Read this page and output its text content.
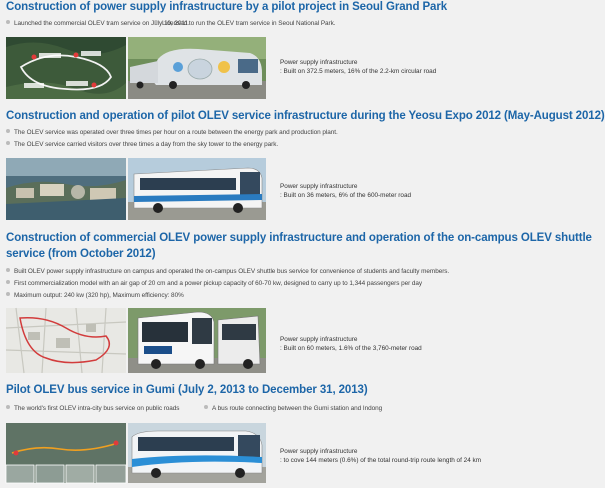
Construction of power supply infrastructure by a pilot project in Seoul Grand Park
Launched the commercial OLEV tram service on July 19, 2011.
Licensed to run the OLEV tram service in Seoul National Park.
Power supply infrastructure
: Built on 372.5 meters, 16% of the 2.2-km circular road
Construction and operation of pilot OLEV service infrastructure during the Yeosu Expo 2012 (May-August 2012)
The OLEV service was operated over three times per hour on a route between the energy park and production plant.
The OLEV service carried visitors over three times a day from the sky tower to the energy park.
Power supply infrastructure
: Built on 36 meters, 6% of the 600-meter road
Construction of commercial OLEV power supply infrastructure and operation of the on-campus OLEV shuttle
service (from October 2012)
Built OLEV power supply infrastructure on campus and operated the on-campus OLEV shuttle bus service for convenience of students and faculty members.
First commercialization model with an air gap of 20 cm and a power pickup capacity of 60-70 kw, designed to carry up to 1,344 passengers per day
Maximum output: 240 kw (320 hp), Maximum efficiency: 80%
Power supply infrastructure
: Built on 60 meters, 1.6% of the 3,760-meter road
Pilot OLEV bus service in Gumi (July 2, 2013 to December 31, 2013)
The world's first OLEV intra-city bus service on public roads	A bus route connecting between the Gumi station and Indong
Power supply infrastructure
: to cove 144 meters (0.6%) of the total round-trip route length of 24 km
